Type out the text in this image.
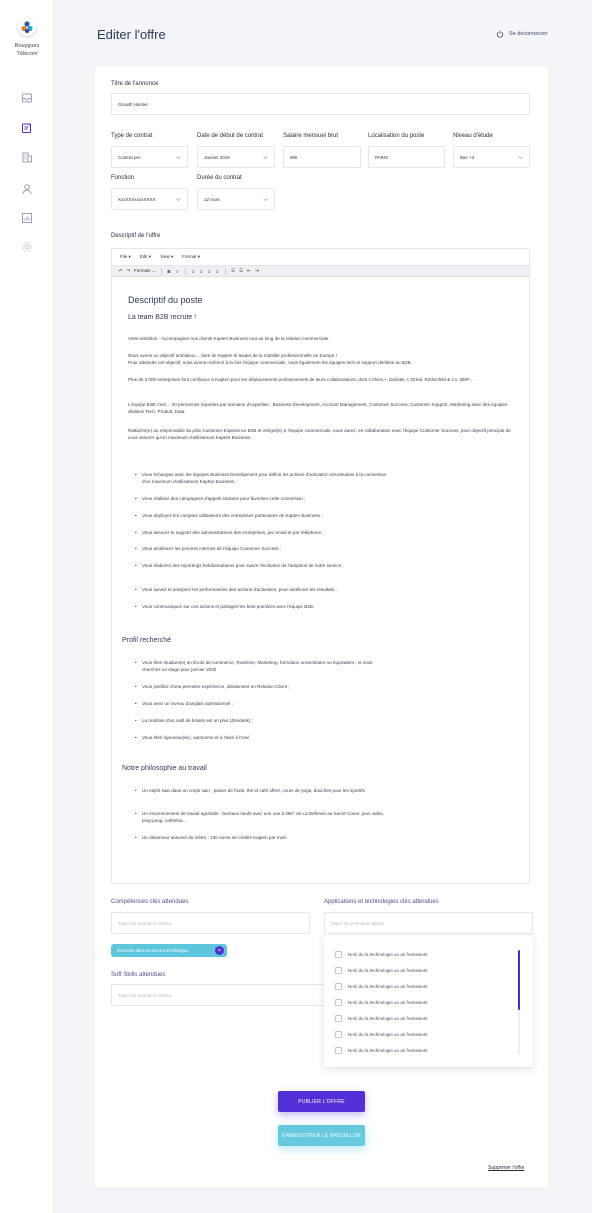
Bouygues
Télécom
Editer l'offre	Se déconnecter
Titre de l'annonce
Growth Hacker
Type de contrat
Contrat pro
Date de début de contrat
Janvier 2019
Salaire mensuel brut
900
Localisation du poste
PARIS
Niveau d'étude
Bac +3
Fonction
XxxXXXxxxxXXXX
Durée du contrat
12 mois
Descriptif de l'offre
File ▾ Edit ▾ View ▾ Format ▾
↶ ↷ Formats ⌄	B	I	≡ ≡ ≡ ≡	☰ ☰ ⇤ ⇥
Descriptif du poste
La team B2B recrute !
Votre ambition : Accompagner nos clients Kapten Business tout au long de la relation commerciale.
Nous avons un objectif ambitieux… faire de Kapten le leader de la mobilité professionnelle en Europe !
Pour atteindre cet objectif, nous avons renforcé à la fois l'équipe commerciale, mais également les équipes tech et support dédiées au B2B.
Plus de 3 000 entreprises font confiance à Kapten pour les déplacements professionnels de leurs collaborateurs, dont CANAL+, Deloitte, L'Oréal, Rothschild & Co, BNP…
L'équipe B2B c'est… 40 personnes réparties par domaine d'expertise : Business Development, Account Management, Customer Success, Customer Support, Marketing avec des équipes dédiées Tech, Produit, Data.
Rattaché(e) au responsable du pôle Customer Experience B2B et intégré(e) à l'équipe commerciale, vous aurez, en collaboration avec l'équipe Customer Success, pour objectif principal de vous assurer qu'un maximum d'utilisateurs Kapten Business :
• Vous échangez avec les équipes Business Development pour définir les actions d'activation nécessaires à la conversion d'un maximum d'utilisateurs Kapten Business ;
• Vous réalisez des campagnes d'appels sortants pour favoriser cette conversion ;
• Vous déployez les comptes utilisateurs des entreprises partenaires de Kapten Business ;
• Vous assurez le support des administrateurs des entreprises, par email et par téléphone ;
• Vous améliorez les process internes de l'équipe Customer Success ;
• Vous élaborez des reportings hebdomadaires pour suivre l'évolution de l'adoption de notre service ;
• Vous suivez et analysez les performances des actions d'activation, pour améliorer les résultats ;
• Vous communiquez sur ces actions et partagez les best practices avec l'équipe B2B.
Profil recherché
• Vous êtes étudiant(e) en École de commerce, Tourisme, Marketing, formation universitaire ou équivalent ; et vous cherchez un stage pour janvier 2020
• Vous justifiez d'une première expérience, idéalement en Relation Client ;
• Vous avez un niveau d'anglais opérationnel ;
• La maîtrise d'un outil de tickets est un plus (Zendesk) ;
• Vous êtes rigoureux(se), autonome et à l'aise à l'oral.
Notre philosophie au travail
• Un esprit sain dans un corps sain : panier de fruits, thé et café offert, cours de yoga, douches pour les sportifs
• Un environnement de travail agréable : bureaux neufs avec une vue à 360° de La Défense au Sacré-Coeur, jeux vidéo, ping-pong, cafétéria…
• Un désamour assumé du métro : 100 euros de crédits Kapten par mois
Compétences clés attendues
Taper les premières lettres
Intervenir dans un service d'esthétique	×
Soft Skills attendues
Taper les premières lettres
Applications et technologies clés attendues
Taper les premières lettres
Nom de la technologie ou du framework
Nom de la technologie ou du framework
Nom de la technologie ou du framework
Nom de la technologie ou du framework
Nom de la technologie ou du framework
Nom de la technologie ou du framework
Nom de la technologie ou du framework
PUBLIER L'OFFRE
ENREGISTRER LE BROUILLON
Supprimer l'offre
